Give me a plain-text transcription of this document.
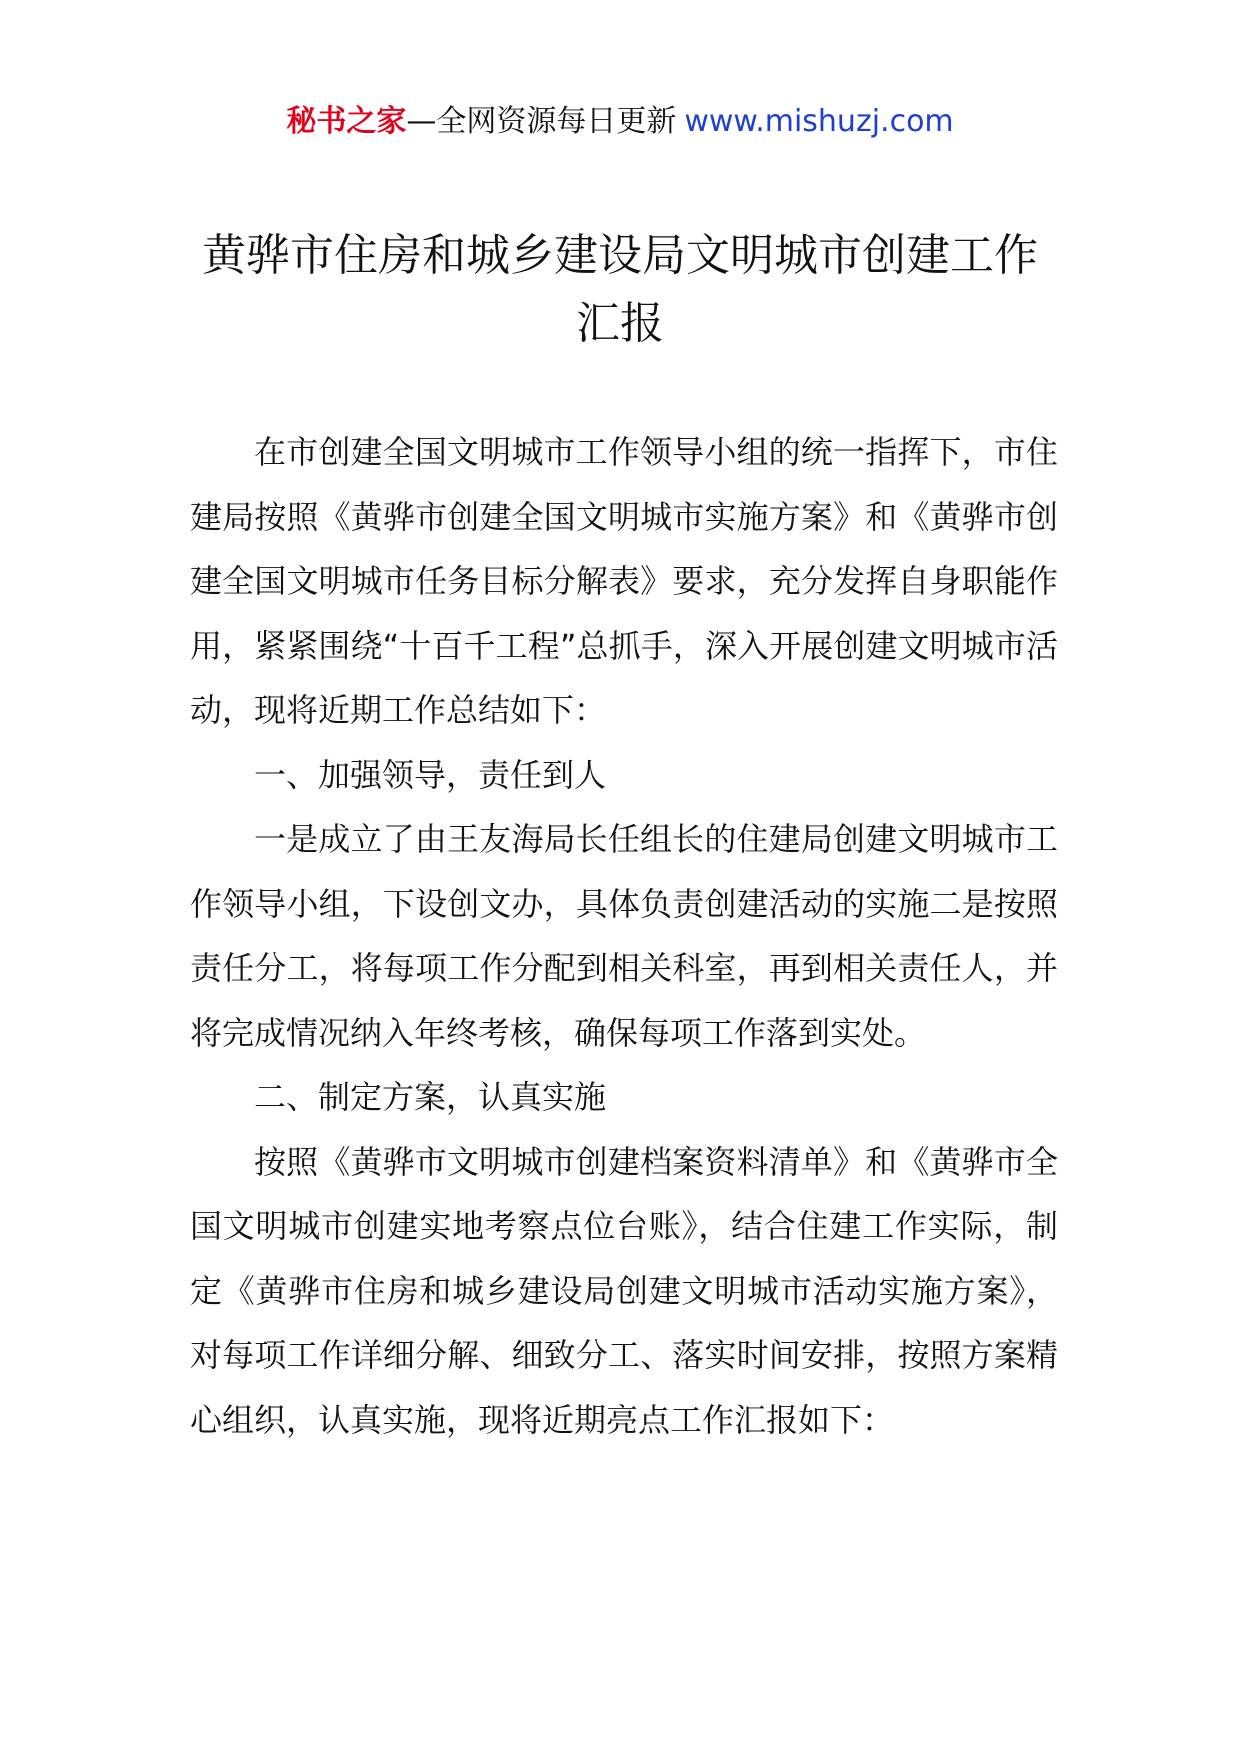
秘书之家—全网资源每日更新 www.mishuzj.com
黄骅市住房和城乡建设局文明城市创建工作汇报

在市创建全国文明城市工作领导小组的统一指挥下，市住建局按照《黄骅市创建全国文明城市实施方案》和《黄骅市创建全国文明城市任务目标分解表》要求，充分发挥自身职能作用，紧紧围绕“十百千工程”总抓手，深入开展创建文明城市活动，现将近期工作总结如下：

一、加强领导，责任到人

一是成立了由王友海局长任组长的住建局创建文明城市工作领导小组，下设创文办，具体负责创建活动的实施二是按照责任分工，将每项工作分配到相关科室，再到相关责任人，并将完成情况纳入年终考核，确保每项工作落到实处。

二、制定方案，认真实施

按照《黄骅市文明城市创建档案资料清单》和《黄骅市全国文明城市创建实地考察点位台账》，结合住建工作实际，制定《黄骅市住房和城乡建设局创建文明城市活动实施方案》，对每项工作详细分解、细致分工、落实时间安排，按照方案精心组织，认真实施，现将近期亮点工作汇报如下：
